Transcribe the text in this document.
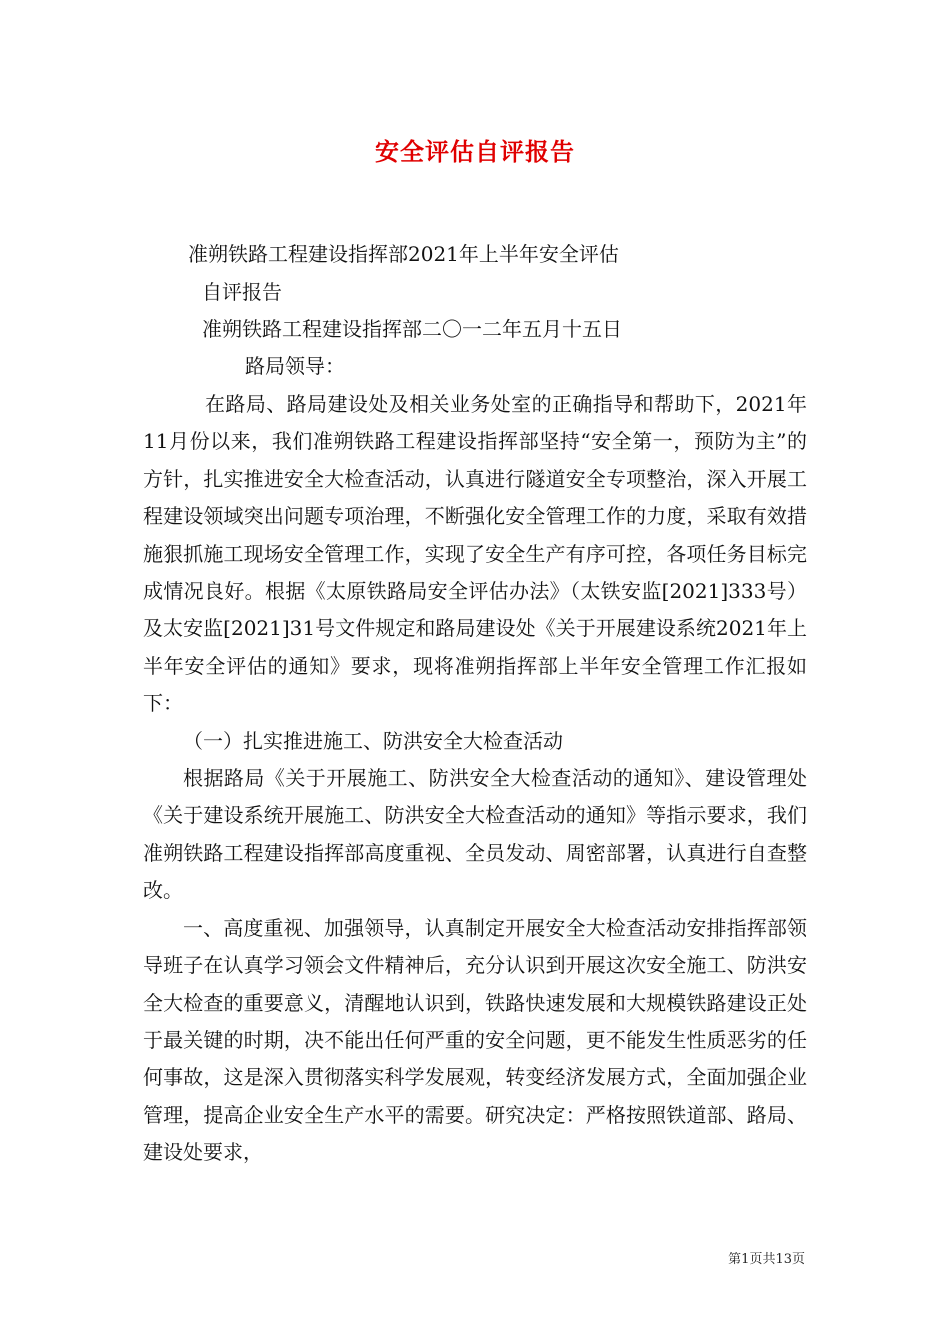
安全评估自评报告
准朔铁路工程建设指挥部2021年上半年安全评估
自评报告
准朔铁路工程建设指挥部二〇一二年五月十五日
路局领导：

在路局、路局建设处及相关业务处室的正确指导和帮助下，2021年11月份以来，我们准朔铁路工程建设指挥部坚持“安全第一，预防为主”的方针，扎实推进安全大检查活动，认真进行隧道安全专项整治，深入开展工程建设领域突出问题专项治理，不断强化安全管理工作的力度，采取有效措施狠抓施工现场安全管理工作，实现了安全生产有序可控，各项任务目标完成情况良好。根据《太原铁路局安全评估办法》（太铁安监[2021]333号）及太安监[2021]31号文件规定和路局建设处《关于开展建设系统2021年上半年安全评估的通知》要求，现将准朔指挥部上半年安全管理工作汇报如下：

（一）扎实推进施工、防洪安全大检查活动

根据路局《关于开展施工、防洪安全大检查活动的通知》、建设管理处《关于建设系统开展施工、防洪安全大检查活动的通知》等指示要求，我们准朔铁路工程建设指挥部高度重视、全员发动、周密部署，认真进行自查整改。

一、高度重视、加强领导，认真制定开展安全大检查活动安排指挥部领导班子在认真学习领会文件精神后，充分认识到开展这次安全施工、防洪安全大检查的重要意义，清醒地认识到，铁路快速发展和大规模铁路建设正处于最关键的时期，决不能出任何严重的安全问题，更不能发生性质恶劣的任何事故，这是深入贯彻落实科学发展观，转变经济发展方式，全面加强企业管理，提高企业安全生产水平的需要。研究决定：严格按照铁道部、路局、建设处要求，

第1页共13页
